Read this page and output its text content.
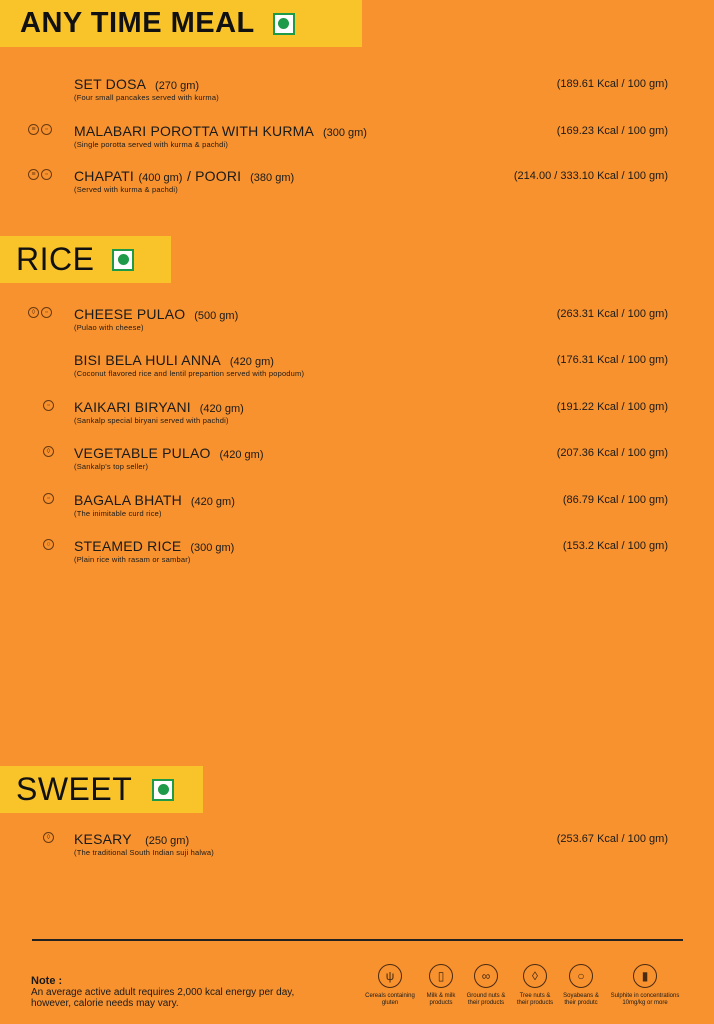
ANY TIME MEAL
SET DOSA (270 gm)
(Four small pancakes served with kurma)
(189.61 Kcal / 100 gm)
≡	▫	MALABARI POROTTA WITH KURMA (300 gm)
(Single porotta served with kurma & pachdi)
(169.23 Kcal / 100 gm)
≡	▫	CHAPATI (400 gm) / POORI (380 gm)
(Served with kurma & pachdi)
(214.00 / 333.10 Kcal / 100 gm)
RICE
◊	▫	CHEESE PULAO (500 gm)
(Pulao with cheese)
(263.31 Kcal / 100 gm)
BISI BELA HULI ANNA (420 gm)
(Coconut flavored rice and lentil prepartion served with popodum)
(176.31 Kcal / 100 gm)
▫	KAIKARI BIRYANI (420 gm)
(Sankalp special biryani served with pachdi)
(191.22 Kcal / 100 gm)
◊ VEGETABLE PULAO (420 gm)
(Sankalp's top seller)
(207.36 Kcal / 100 gm)
▫	BAGALA BHATH (420 gm)
(The inimitable curd rice)
(86.79 Kcal / 100 gm)
○ STEAMED RICE (300 gm)
(Plain rice with rasam or sambar)
(153.2 Kcal / 100 gm)
SWEET
◊ KESARY (250 gm)
(The traditional South Indian suji halwa)
(253.67 Kcal / 100 gm)
Note :
An average active adult requires 2,000 kcal energy per day,
however, calorie needs may vary.
ψ
Cereals containing
gluten
▯
Milk & milk
products
∞
Ground nuts &
their products
◊
Tree nuts &
their products
○
Soyabeans &
their produtc
▮
Sulphite in concentrations
10mg/kg or more
